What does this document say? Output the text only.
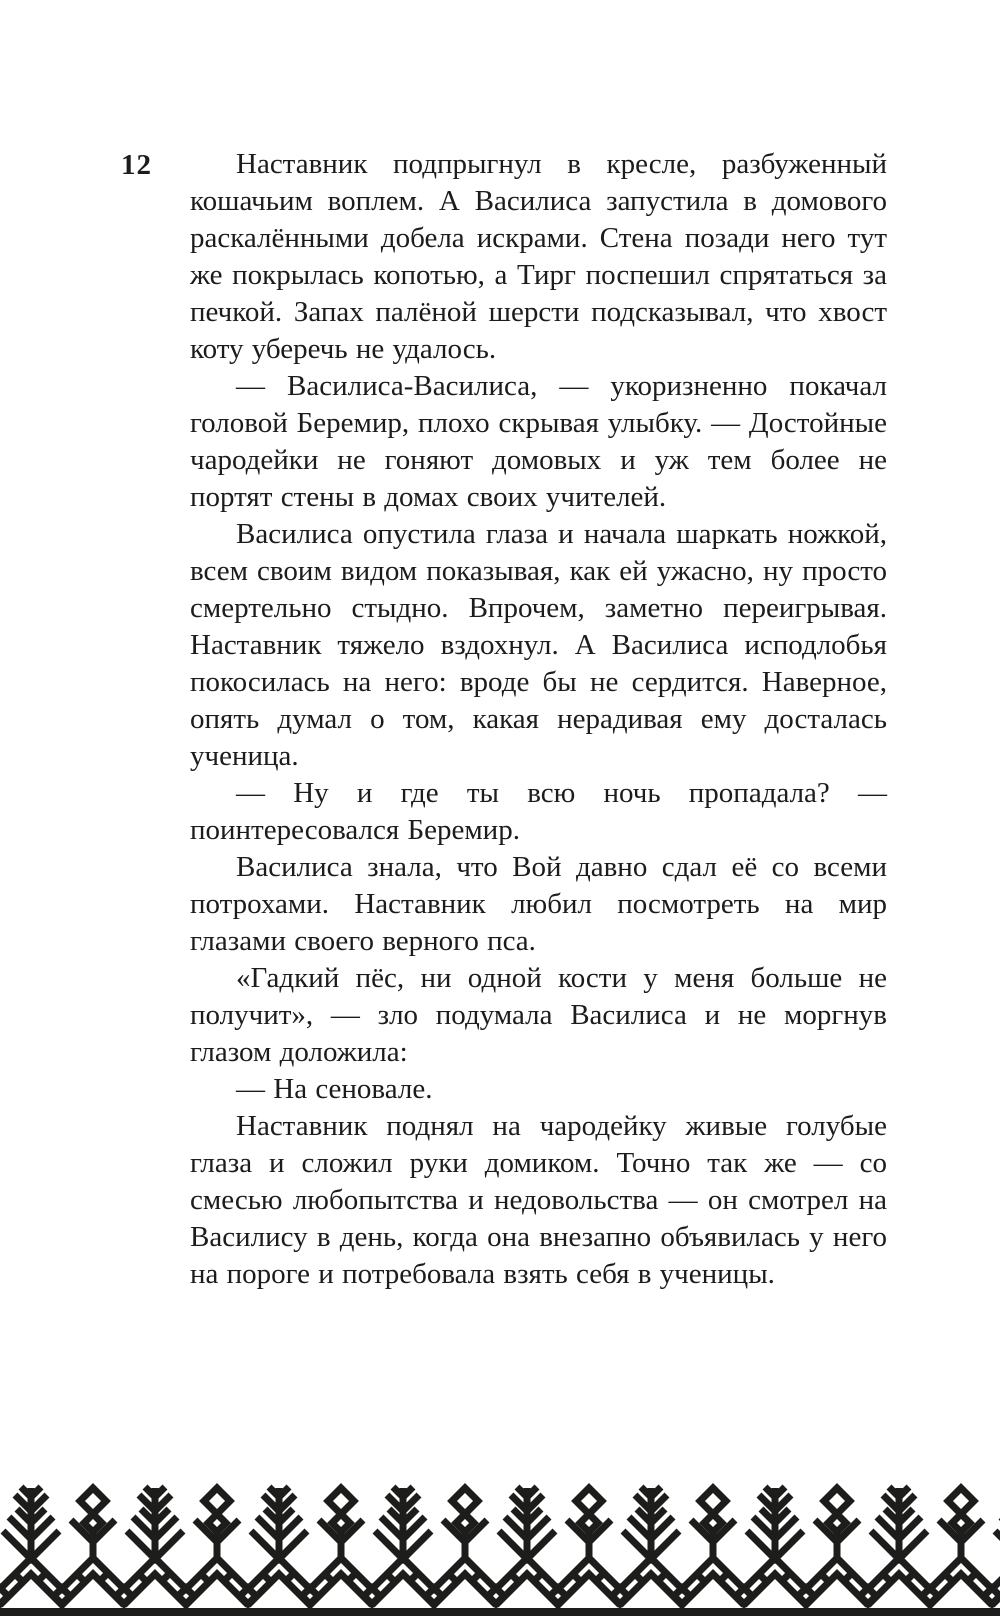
12	Наставник подпрыгнул в кресле, разбуженный кошачьим воплем. А Василиса запустила в домового раскалёнными добела искрами. Стена позади него тут же покрылась копотью, а Тирг поспешил спрятаться за печкой. Запах палёной шерсти подсказывал, что хвост коту уберечь не удалось.

— Василиса-Василиса, — укоризненно покачал головой Беремир, плохо скрывая улыбку. — Достойные чародейки не гоняют домовых и уж тем более не портят стены в домах своих учителей.

Василиса опустила глаза и начала шаркать ножкой, всем своим видом показывая, как ей ужасно, ну просто смертельно стыдно. Впрочем, заметно переигрывая. Наставник тяжело вздохнул. А Василиса исподлобья покосилась на него: вроде бы не сердится. Наверное, опять думал о том, какая нерадивая ему досталась ученица.

— Ну и где ты всю ночь пропадала? — поинтересовался Беремир.

Василиса знала, что Вой давно сдал её со всеми потрохами. Наставник любил посмотреть на мир глазами своего верного пса.

«Гадкий пёс, ни одной кости у меня больше не получит», — зло подумала Василиса и не моргнув глазом доложила:

— На сеновале.

Наставник поднял на чародейку живые голубые глаза и сложил руки домиком. Точно так же — со смесью любопытства и недовольства — он смотрел на Василису в день, когда она внезапно объявилась у него на пороге и потребовала взять себя в ученицы.
